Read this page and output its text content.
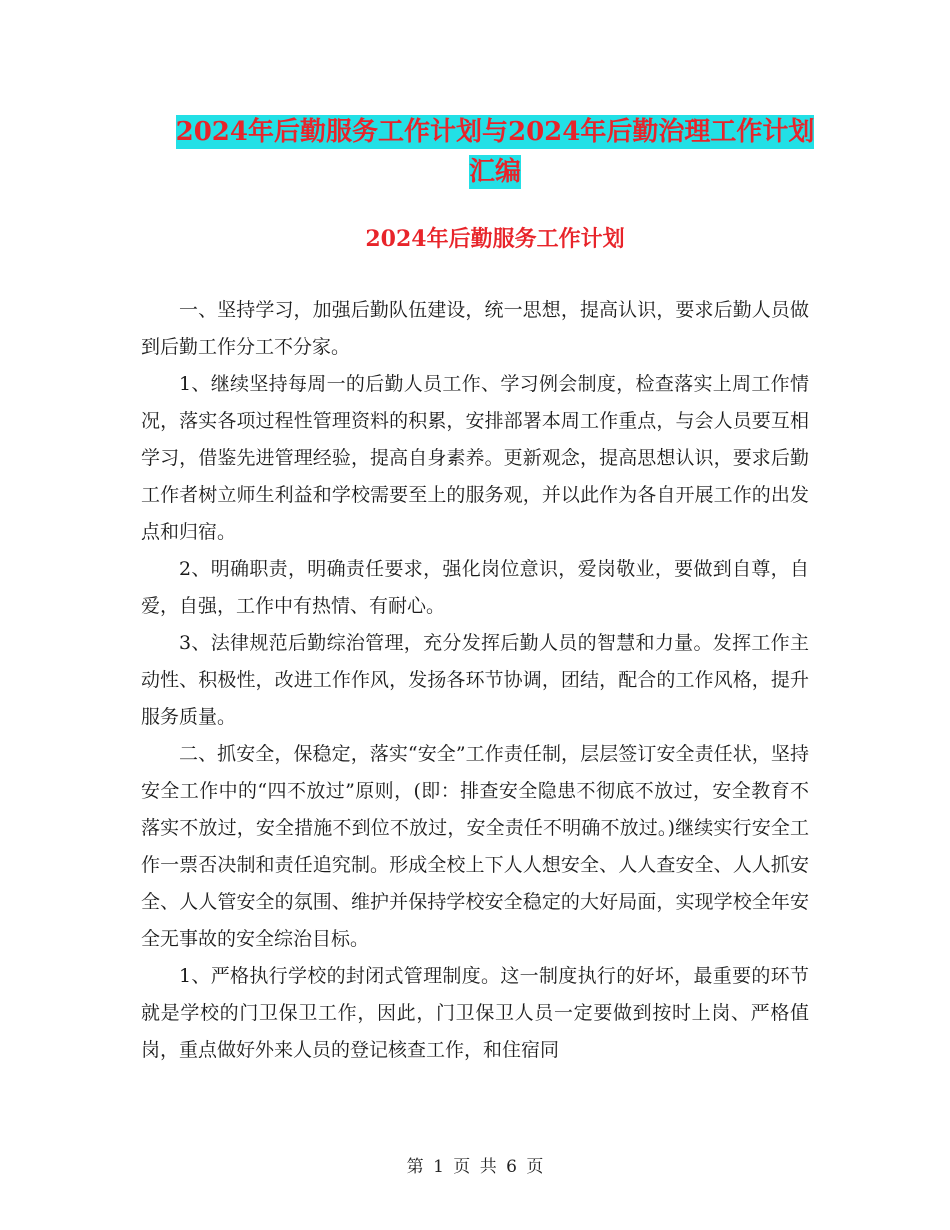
2024年后勤服务工作计划与2024年后勤治理工作计划
汇编
2024年后勤服务工作计划

一、坚持学习，加强后勤队伍建设，统一思想，提高认识，要求后勤人员做到后勤工作分工不分家。

1、继续坚持每周一的后勤人员工作、学习例会制度，检查落实上周工作情况，落实各项过程性管理资料的积累，安排部署本周工作重点，与会人员要互相学习，借鉴先进管理经验，提高自身素养。更新观念，提高思想认识，要求后勤工作者树立师生利益和学校需要至上的服务观，并以此作为各自开展工作的出发点和归宿。

2、明确职责，明确责任要求，强化岗位意识，爱岗敬业，要做到自尊，自爱，自强，工作中有热情、有耐心。

3、法律规范后勤综治管理，充分发挥后勤人员的智慧和力量。发挥工作主动性、积极性，改进工作作风，发扬各环节协调，团结，配合的工作风格，提升服务质量。

二、抓安全，保稳定，落实“安全”工作责任制，层层签订安全责任状，坚持安全工作中的“四不放过”原则，(即：排查安全隐患不彻底不放过，安全教育不落实不放过，安全措施不到位不放过，安全责任不明确不放过。)继续实行安全工作一票否决制和责任追究制。形成全校上下人人想安全、人人查安全、人人抓安全、人人管安全的氛围、维护并保持学校安全稳定的大好局面，实现学校全年安全无事故的安全综治目标。

1、严格执行学校的封闭式管理制度。这一制度执行的好坏，最重要的环节就是学校的门卫保卫工作，因此，门卫保卫人员一定要做到按时上岗、严格值岗，重点做好外来人员的登记核查工作，和住宿同

第 1 页 共 6 页
